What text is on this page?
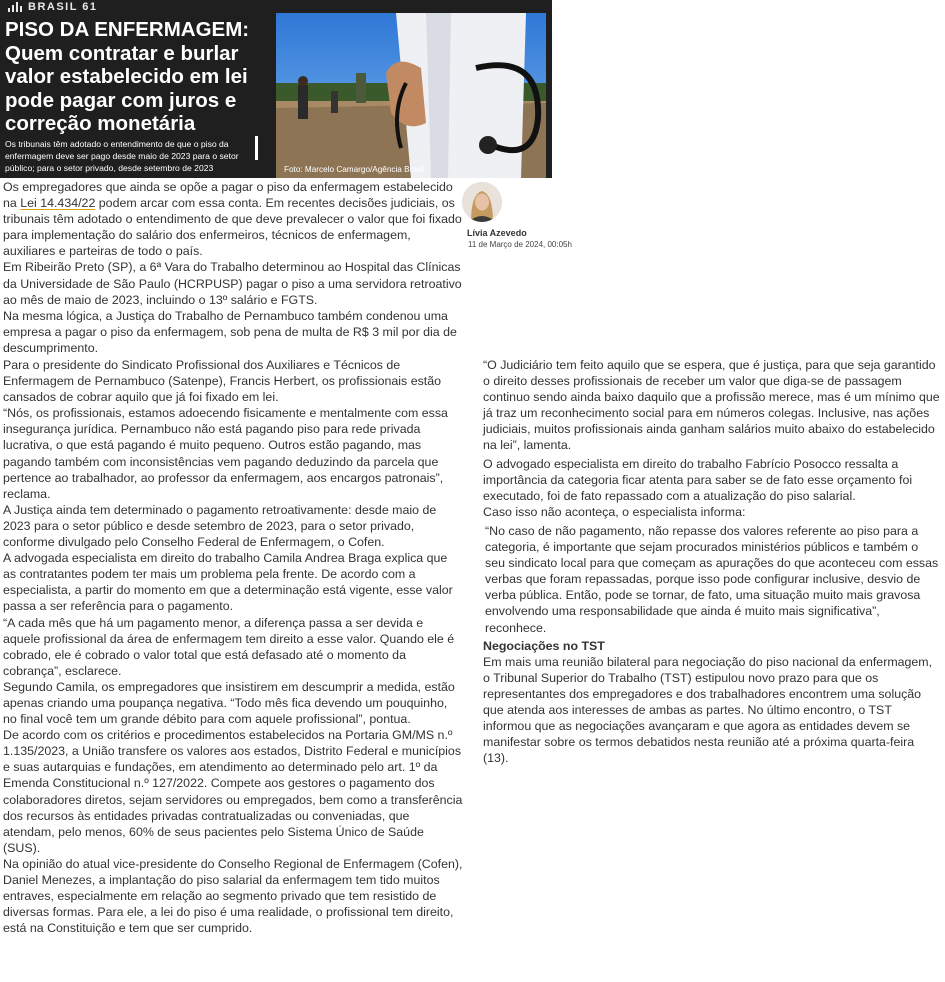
BRASIL 61
PISO DA ENFERMAGEM: Quem contratar e burlar valor estabelecido em lei pode pagar com juros e correção monetária
Os tribunais têm adotado o entendimento de que o piso da enfermagem deve ser pago desde maio de 2023 para o setor público; para o setor privado, desde setembro de 2023	Foto: Marcelo Camargo/Agência Brasil
Lívia Azevedo
11 de Março de 2024, 00:05h

Os empregadores que ainda se opõe a pagar o piso da enfermagem estabelecido na Lei 14.434/22 podem arcar com essa conta. Em recentes decisões judiciais, os tribunais têm adotado o entendimento de que deve prevalecer o valor que foi fixado para implementação do salário dos enfermeiros, técnicos de enfermagem, auxiliares e parteiras de todo o país.

Em Ribeirão Preto (SP), a 6ª Vara do Trabalho determinou ao Hospital das Clínicas da Universidade de São Paulo (HCRPUSP) pagar o piso a uma servidora retroativo ao mês de maio de 2023, incluindo o 13º salário e FGTS.

Na mesma lógica, a Justiça do Trabalho de Pernambuco também condenou uma empresa a pagar o piso da enfermagem, sob pena de multa de R$ 3 mil por dia de descumprimento.

Para o presidente do Sindicato Profissional dos Auxiliares e Técnicos de Enfermagem de Pernambuco (Satenpe), Francis Herbert, os profissionais estão cansados de cobrar aquilo que já foi fixado em lei.

“Nós, os profissionais, estamos adoecendo fisicamente e mentalmente com essa insegurança jurídica. Pernambuco não está pagando piso para rede privada lucrativa, o que está pagando é muito pequeno. Outros estão pagando, mas pagando também com inconsistências vem pagando deduzindo da parcela que pertence ao trabalhador, ao professor da enfermagem, aos encargos patronais”, reclama.

A Justiça ainda tem determinado o pagamento retroativamente: desde maio de 2023 para o setor público e desde setembro de 2023, para o setor privado, conforme divulgado pelo Conselho Federal de Enfermagem, o Cofen.

A advogada especialista em direito do trabalho Camila Andrea Braga explica que as contratantes podem ter mais um problema pela frente. De acordo com a especialista, a partir do momento em que a determinação está vigente, esse valor passa a ser referência para o pagamento.

“A cada mês que há um pagamento menor, a diferença passa a ser devida e aquele profissional da área de enfermagem tem direito a esse valor. Quando ele é cobrado, ele é cobrado o valor total que está defasado até o momento da cobrança”, esclarece.

Segundo Camila, os empregadores que insistirem em descumprir a medida, estão apenas criando uma poupança negativa. “Todo mês fica devendo um pouquinho, no final você tem um grande débito para com aquele profissional”, pontua.

De acordo com os critérios e procedimentos estabelecidos na Portaria GM/MS n.º 1.135/2023, a União transfere os valores aos estados, Distrito Federal e municípios e suas autarquias e fundações, em atendimento ao determinado pelo art. 1º da Emenda Constitucional n.º 127/2022. Compete aos gestores o pagamento dos colaboradores diretos, sejam servidores ou empregados, bem como a transferência dos recursos às entidades privadas contratualizadas ou conveniadas, que atendam, pelo menos, 60% de seus pacientes pelo Sistema Único de Saúde (SUS).

Na opinião do atual vice-presidente do Conselho Regional de Enfermagem (Cofen), Daniel Menezes, a implantação do piso salarial da enfermagem tem tido muitos entraves, especialmente em relação ao segmento privado que tem resistido de diversas formas. Para ele, a lei do piso é uma realidade, o profissional tem direito, está na Constituição e tem que ser cumprido.

“O Judiciário tem feito aquilo que se espera, que é justiça, para que seja garantido o direito desses profissionais de receber um valor que diga-se de passagem continuo sendo ainda baixo daquilo que a profissão merece, mas é um mínimo que já traz um reconhecimento social para em números colegas. Inclusive, nas ações judiciais, muitos profissionais ainda ganham salários muito abaixo do estabelecido na lei”, lamenta.

O advogado especialista em direito do trabalho Fabrício Posocco ressalta a importância da categoria ficar atenta para saber se de fato esse orçamento foi executado, foi de fato repassado com a atualização do piso salarial.

Caso isso não aconteça, o especialista informa:

“No caso de não pagamento, não repasse dos valores referente ao piso para a categoria, é importante que sejam procurados ministérios públicos e também o seu sindicato local para que começam as apurações do que aconteceu com essas verbas que foram repassadas, porque isso pode configurar inclusive, desvio de verba pública. Então, pode se tornar, de fato, uma situação muito mais gravosa envolvendo uma responsabilidade que ainda é muito mais significativa”, reconhece.

Negociações no TST

Em mais uma reunião bilateral para negociação do piso nacional da enfermagem, o Tribunal Superior do Trabalho (TST) estipulou novo prazo para que os representantes dos empregadores e dos trabalhadores encontrem uma solução que atenda aos interesses de ambas as partes. No último encontro, o TST informou que as negociações avançaram e que agora as entidades devem se manifestar sobre os termos debatidos nesta reunião até a próxima quarta-feira (13).
